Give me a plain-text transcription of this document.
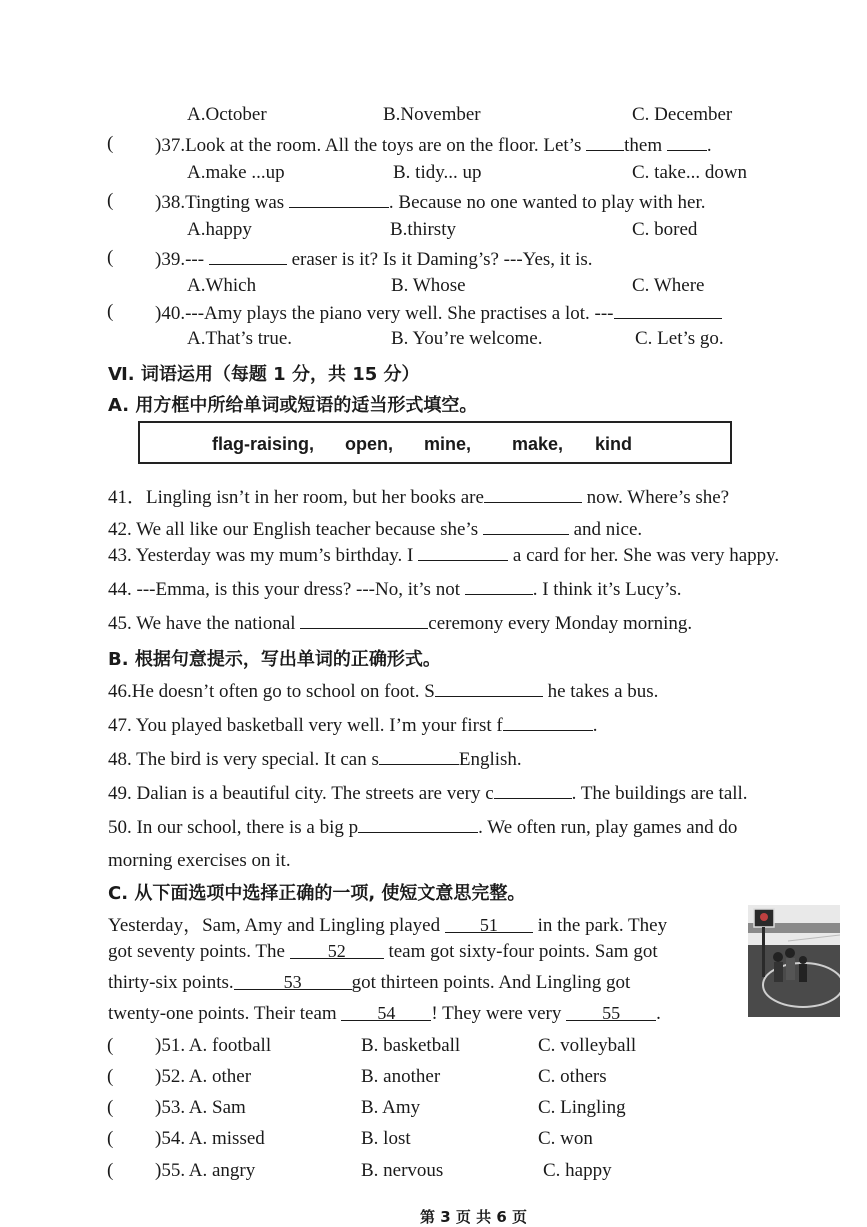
A.October	B.November	C. December
( )37.Look at the room. All the toys are on the floor. Let’s them .
A.make ...up	B. tidy... up	C. take... down
( )38.Tingting was	. Because no one wanted to play with her.
A.happy	B.thirsty	C. bored
( )39.---	eraser is it? Is it Daming’s? ---Yes, it is.
A.Which	B. Whose	C. Where
( )40.---Amy plays the piano very well. She practises a lot. ---
A.That’s true.	B. You’re welcome.	C. Let’s go.
Ⅵ. 词语运用（每题 1 分，共 15 分）
A. 用方框中所给单词或短语的适当形式填空。
flag-raising, open, mine, make, kind
41．Lingling isn’t in her room, but her books are	now. Where’s she?
42. We all like our English teacher because she’s	and nice.
43. Yesterday was my mum’s birthday. I	a card for her. She was very happy.
44. ---Emma, is this your dress? ---No, it’s not	. I think it’s Lucy’s.
45. We have the national	ceremony every Monday morning.
B. 根据句意提示，写出单词的正确形式。
46.He doesn’t often go to school on foot. S	he takes a bus.
47. You played basketball very well. I’m your first f	.
48. The bird is very special. It can s	English.
49. Dalian is a beautiful city. The streets are very c	. The buildings are tall.
50. In our school, there is a big p	. We often run, play games and do
morning exercises on it.
C. 从下面选项中选择正确的一项, 使短文意思完整。
Yesterday，Sam, Amy and Lingling played 51 in the park. They
got seventy points. The 52 team got sixty-four points. Sam got
thirty-six points.	53	got thirteen points. And Lingling got
twenty-one points. Their team 54 ! They were very 55 .
( )51. A. football	B. basketball	C. volleyball
( )52. A. other	B. another	C. others
( )53. A. Sam	B. Amy	C. Lingling
( )54. A. missed	B. lost	C. won
( )55. A. angry	B. nervous	C. happy
第 3 页 共 6 页
